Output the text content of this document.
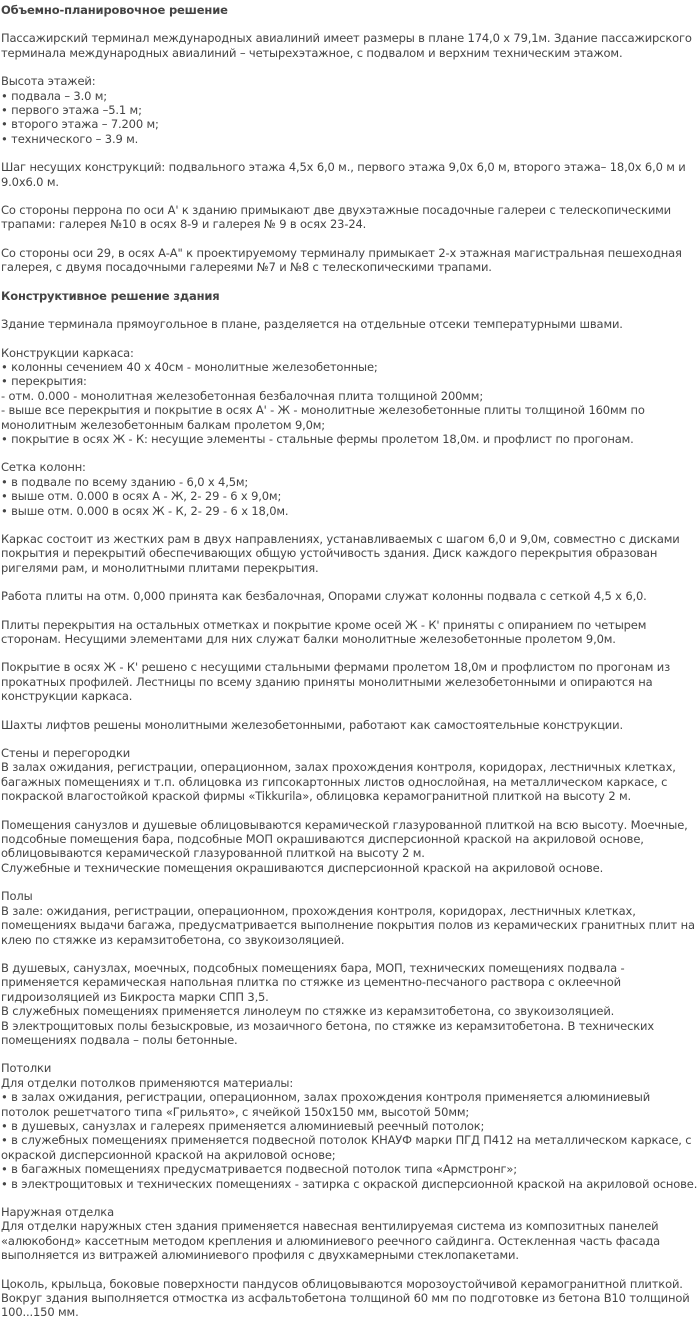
Объемно-планировочное решение

Пассажирский терминал международных авиалиний имеет размеры в плане 174,0 х 79,1м. Здание пассажирского терминала международных авиалиний – четырехэтажное, с подвалом и верхним техническим этажом.

Высота этажей:
• подвала – 3.0 м;
• первого этажа –5.1 м;
• второго этажа – 7.200 м;
• технического – 3.9 м.

Шаг несущих конструкций: подвального этажа 4,5х 6,0 м., первого этажа 9,0х 6,0 м, второго этажа– 18,0х 6,0 м и 9.0х6.0 м.

Со стороны перрона по оси А' к зданию примыкают две двухэтажные посадочные галереи с телескопическими трапами: галерея №10 в осях 8-9 и галерея № 9 в осях 23-24.

Со стороны оси 29, в осях А-А" к проектируемому терминалу примыкает 2-х этажная магистральная пешеходная галерея, с двумя посадочными галереями №7 и №8 с телескопическими трапами.

Конструктивное решение здания

Здание терминала прямоугольное в плане, разделяется на отдельные отсеки температурными швами.

Конструкции каркаса:
• колонны сечением 40 х 40см - монолитные железобетонные;
• перекрытия:
- отм. 0.000 - монолитная железобетонная безбалочная плита толщиной 200мм;
- выше все перекрытия и покрытие в осях А' - Ж - монолитные железобетонные плиты толщиной 160мм по монолитным железобетонным балкам пролетом 9,0м;
• покрытие в осях Ж - К: несущие элементы - стальные фермы пролетом 18,0м. и профлист по прогонам.

Сетка колонн:
• в подвале по всему зданию - 6,0 х 4,5м;
• выше отм. 0.000 в осях А - Ж, 2- 29 - 6 х 9,0м;
• выше отм. 0.000 в осях Ж - К, 2- 29 - 6 х 18,0м.

Каркас состоит из жестких рам в двух направлениях, устанавливаемых с шагом 6,0 и 9,0м, совместно с дисками покрытия и перекрытий обеспечивающих общую устойчивость здания. Диск каждого перекрытия образован ригелями рам, и монолитными плитами перекрытия.

Работа плиты на отм. 0,000 принята как безбалочная, Опорами служат колонны подвала с сеткой 4,5 х 6,0.

Плиты перекрытия на остальных отметках и покрытие кроме осей Ж - К' приняты с опиранием по четырем сторонам. Несущими элементами для них служат балки монолитные железобетонные пролетом 9,0м.

Покрытие в осях Ж - К' решено с несущими стальными фермами пролетом 18,0м и профлистом по прогонам из прокатных профилей. Лестницы по всему зданию приняты монолитными железобетонными и опираются на конструкции каркаса.

Шахты лифтов решены монолитными железобетонными, работают как самостоятельные конструкции.

Стены и перегородки
В залах ожидания, регистрации, операционном, залах прохождения контроля, коридорах, лестничных клетках, багажных помещениях и т.п. облицовка из гипсокартонных листов однослойная, на металлическом каркасе, с покраской влагостойкой краской фирмы «Tikkurila», облицовка керамогранитной плиткой на высоту 2 м.

Помещения санузлов и душевые облицовываются керамической глазурованной плиткой на всю высоту. Моечные, подсобные помещения бара, подсобные МОП окрашиваются дисперсионной краской на акриловой основе, облицовываются керамической глазурованной плиткой на высоту 2 м.
Служебные и технические помещения окрашиваются дисперсионной краской на акриловой основе.

Полы
В зале: ожидания, регистрации, операционном, прохождения контроля, коридорах, лестничных клетках, помещениях выдачи багажа, предусматривается выполнение покрытия полов из керамических гранитных плит на клею по стяжке из керамзитобетона, со звукоизоляцией.

В душевых, санузлах, моечных, подсобных помещениях бара, МОП, технических помещениях подвала - применяется керамическая напольная плитка по стяжке из цементно-песчаного раствора с оклеечной гидроизоляцией из Бикроста марки СПП 3,5.
В служебных помещениях применяется линолеум по стяжке из керамзитобетона, со звукоизоляцией.
В электрощитовых полы безыскровые, из мозаичного бетона, по стяжке из керамзитобетона. В технических помещениях подвала – полы бетонные.

Потолки
Для отделки потолков применяются материалы:
• в залах ожидания, регистрации, операционном, залах прохождения контроля применяется алюминиевый потолок решетчатого типа «Грильято», с ячейкой 150х150 мм, высотой 50мм;
• в душевых, санузлах и галереях применяется алюминиевый реечный потолок;
• в служебных помещениях применяется подвесной потолок КНАУФ марки ПГД П412 на металлическом каркасе, с окраской дисперсионной краской на акриловой основе;
• в багажных помещениях предусматривается подвесной потолок типа «Армстронг»;
• в электрощитовых и технических помещениях - затирка с окраской дисперсионной краской на акриловой основе.

Наружная отделка
Для отделки наружных стен здания применяется навесная вентилируемая система из композитных панелей «алюкобонд» кассетным методом крепления и алюминиевого реечного сайдинга. Остекленная часть фасада выполняется из витражей алюминиевого профиля с двухкамерными стеклопакетами.

Цоколь, крыльца, боковые поверхности пандусов облицовываются морозоустойчивой керамогранитной плиткой.
Вокруг здания выполняется отмостка из асфальтобетона толщиной 60 мм по подготовке из бетона В10 толщиной 100...150 мм.
